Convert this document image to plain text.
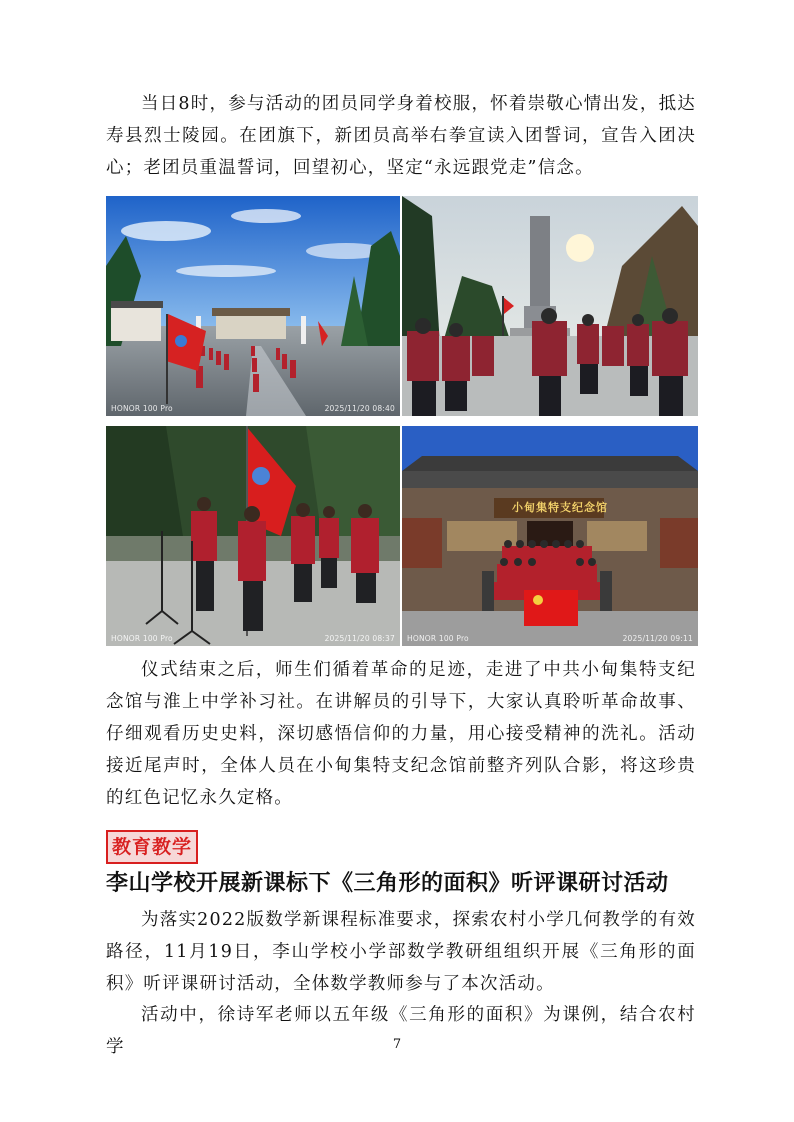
当日8时，参与活动的团员同学身着校服，怀着崇敬心情出发，抵达寿县烈士陵园。在团旗下，新团员高举右拳宣读入团誓词，宣告入团决心；老团员重温誓词，回望初心，坚定“永远跟党走”信念。

HONOR 100 Pro	2025/11/20 08:40
HONOR 100 Pro	2025/11/20 08:37
小甸集特支纪念馆
HONOR 100 Pro	2025/11/20 09:11

仪式结束之后，师生们循着革命的足迹，走进了中共小甸集特支纪念馆与淮上中学补习社。在讲解员的引导下，大家认真聆听革命故事、仔细观看历史史料，深切感悟信仰的力量，用心接受精神的洗礼。活动接近尾声时，全体人员在小甸集特支纪念馆前整齐列队合影，将这珍贵的红色记忆永久定格。

教育教学
李山学校开展新课标下《三角形的面积》听评课研讨活动

为落实2022版数学新课程标准要求，探索农村小学几何教学的有效路径，11月19日，李山学校小学部数学教研组组织开展《三角形的面积》听评课研讨活动，全体数学教师参与了本次活动。

活动中，徐诗军老师以五年级《三角形的面积》为课例，结合农村学	7
